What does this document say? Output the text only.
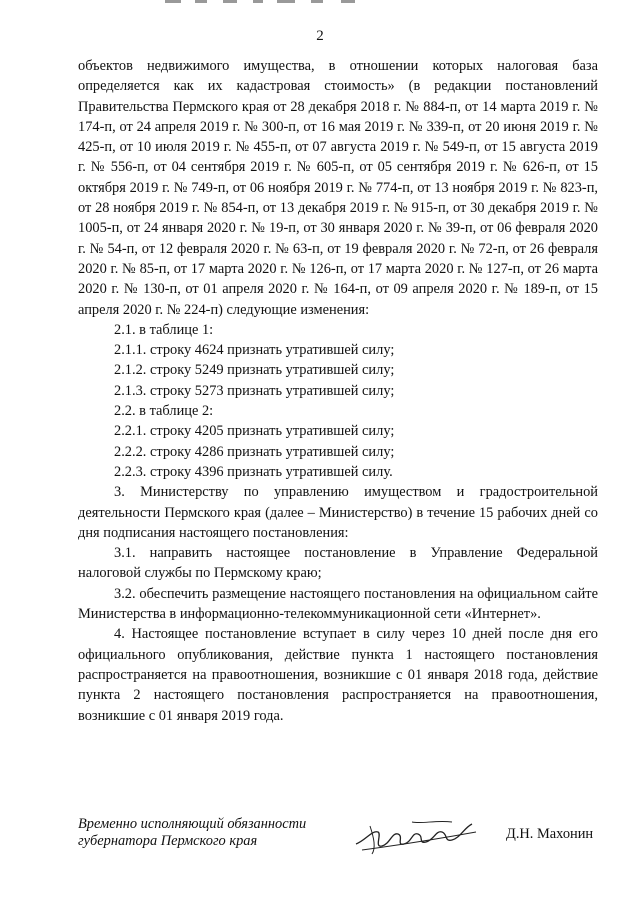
2

объектов недвижимого имущества, в отношении которых налоговая база определяется как их кадастровая стоимость» (в редакции постановлений Правительства Пермского края от 28 декабря 2018 г. № 884-п, от 14 марта 2019 г. № 174-п, от 24 апреля 2019 г. № 300-п, от 16 мая 2019 г. № 339-п, от 20 июня 2019 г. № 425-п, от 10 июля 2019 г. № 455-п, от 07 августа 2019 г. № 549-п, от 15 августа 2019 г. № 556-п, от 04 сентября 2019 г. № 605-п, от 05 сентября 2019 г. № 626-п, от 15 октября 2019 г. № 749-п, от 06 ноября 2019 г. № 774-п, от 13 ноября 2019 г. № 823-п, от 28 ноября 2019 г. № 854-п, от 13 декабря 2019 г. № 915-п, от 30 декабря 2019 г. № 1005-п, от 24 января 2020 г. № 19-п, от 30 января 2020 г. № 39-п, от 06 февраля 2020 г. № 54-п, от 12 февраля 2020 г. № 63-п, от 19 февраля 2020 г. № 72-п, от 26 февраля 2020 г. № 85-п, от 17 марта 2020 г. № 126-п, от 17 марта 2020 г. № 127-п, от 26 марта 2020 г. № 130-п, от 01 апреля 2020 г. № 164-п, от 09 апреля 2020 г. № 189-п, от 15 апреля 2020 г. № 224-п) следующие изменения:

2.1. в таблице 1:

2.1.1. строку 4624 признать утратившей силу;

2.1.2. строку 5249 признать утратившей силу;

2.1.3. строку 5273 признать утратившей силу;

2.2. в таблице 2:

2.2.1. строку 4205 признать утратившей силу;

2.2.2. строку 4286 признать утратившей силу;

2.2.3. строку 4396 признать утратившей силу.

3. Министерству по управлению имуществом и градостроительной деятельности Пермского края (далее – Министерство) в течение 15 рабочих дней со дня подписания настоящего постановления:

3.1. направить настоящее постановление в Управление Федеральной налоговой службы по Пермскому краю;

3.2. обеспечить размещение настоящего постановления на официальном сайте Министерства в информационно-телекоммуникационной сети «Интернет».

4. Настоящее постановление вступает в силу через 10 дней после дня его официального опубликования, действие пункта 1 настоящего постановления распространяется на правоотношения, возникшие с 01 января 2018 года, действие пункта 2 настоящего постановления распространяется на правоотношения, возникшие с 01 января 2019 года.

Временно исполняющий обязанности
губернатора Пермского края	Д.Н. Махонин
